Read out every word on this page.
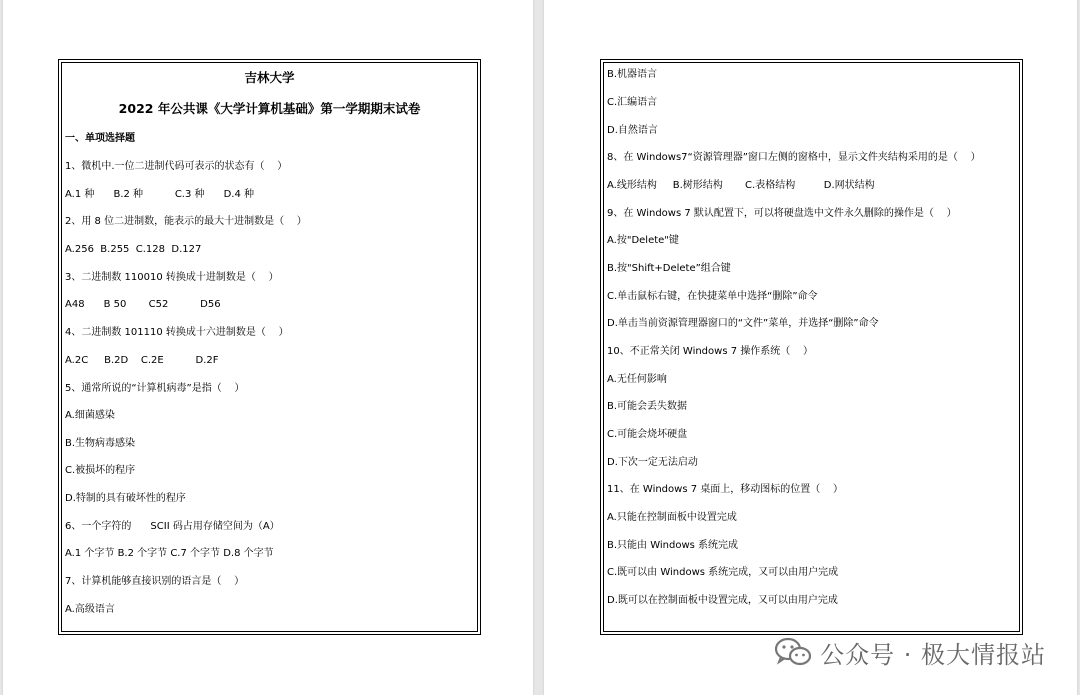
吉林大学
2022 年公共课《大学计算机基础》第一学期期末试卷
一、单项选择题
1、微机中.一位二进制代码可表示的状态有（    ）
A.1 种      B.2 种          C.3 种      D.4 种
2、用 8 位二进制数，能表示的最大十进制数是（    ）
A.256  B.255  C.128  D.127
3、二进制数 110010 转换成十进制数是（    ）
A48      B 50       C52          D56
4、二进制数 101110 转换成十六进制数是（    ）
A.2C     B.2D    C.2E          D.2F
5、通常所说的“计算机病毒”是指（    ）
A.细菌感染
B.生物病毒感染
C.被损坏的程序
D.特制的具有破坏性的程序
6、一个字符的      SCII 码占用存储空间为（A）
A.1 个字节 B.2 个字节 C.7 个字节 D.8 个字节
7、计算机能够直接识别的语言是（    ）
A.高级语言
B.机器语言
C.汇编语言
D.自然语言
8、在 Windows7“资源管理器”窗口左侧的窗格中，显示文件夹结构采用的是（    ）
A.线形结构     B.树形结构       C.表格结构         D.网状结构
9、在 Windows 7 默认配置下，可以将硬盘选中文件永久删除的操作是（    ）
A.按"Delete"键
B.按"Shift+Delete”组合键
C.单击鼠标右键，在快捷菜单中选择“删除”命令
D.单击当前资源管理器窗口的“文件”菜单，并选择“删除”命令
10、不正常关闭 Windows 7 操作系统（    ）
A.无任何影响
B.可能会丢失数据
C.可能会烧坏硬盘
D.下次一定无法启动
11、在 Windows 7 桌面上，移动图标的位置（    ）
A.只能在控制面板中设置完成
B.只能由 Windows 系统完成
C.既可以由 Windows 系统完成，又可以由用户完成
D.既可以在控制面板中设置完成，又可以由用户完成
公众号 · 极大情报站
